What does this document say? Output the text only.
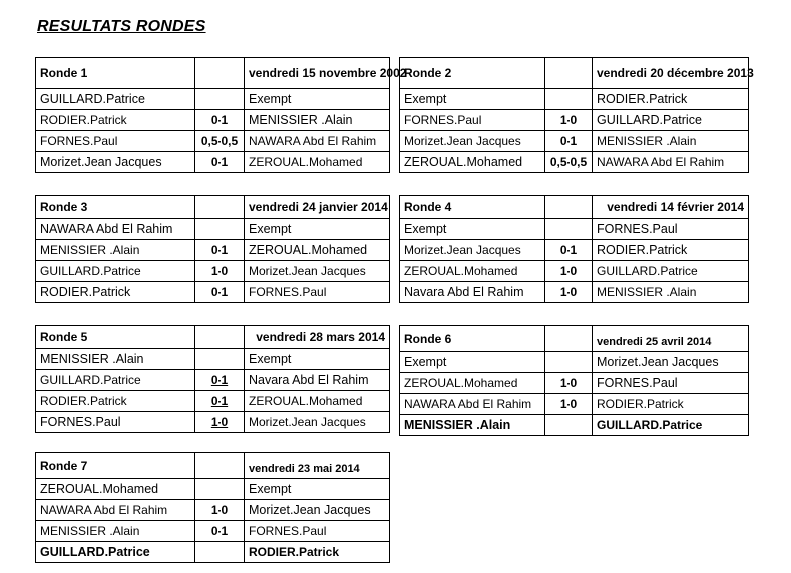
RESULTATS RONDES
Ronde 1		vendredi 15 novembre 2002
GUILLARD.Patrice		Exempt
RODIER.Patrick	0-1	MENISSIER .Alain
FORNES.Paul	0,5-0,5	NAWARA Abd El Rahim
Morizet.Jean Jacques	0-1	ZEROUAL.Mohamed
Ronde 2		vendredi 20 décembre 2013
Exempt		RODIER.Patrick
FORNES.Paul	1-0	GUILLARD.Patrice
Morizet.Jean Jacques	0-1	MENISSIER .Alain
ZEROUAL.Mohamed	0,5-0,5	NAWARA Abd El Rahim
Ronde 3		vendredi 24 janvier 2014
NAWARA Abd El Rahim		Exempt
MENISSIER .Alain	0-1	ZEROUAL.Mohamed
GUILLARD.Patrice	1-0	Morizet.Jean Jacques
RODIER.Patrick	0-1	FORNES.Paul
Ronde 4		vendredi 14 février 2014
Exempt		FORNES.Paul
Morizet.Jean Jacques	0-1	RODIER.Patrick
ZEROUAL.Mohamed	1-0	GUILLARD.Patrice
Navara Abd El Rahim	1-0	MENISSIER .Alain
Ronde 5		vendredi 28 mars 2014
MENISSIER .Alain		Exempt
GUILLARD.Patrice	0-1	Navara Abd El Rahim
RODIER.Patrick	0-1	ZEROUAL.Mohamed
FORNES.Paul	1-0	Morizet.Jean Jacques
Ronde 6		vendredi 25 avril 2014
Exempt		Morizet.Jean Jacques
ZEROUAL.Mohamed	1-0	FORNES.Paul
NAWARA Abd El Rahim	1-0	RODIER.Patrick
MENISSIER .Alain		GUILLARD.Patrice
Ronde 7		vendredi 23 mai 2014
ZEROUAL.Mohamed		Exempt
NAWARA Abd El Rahim	1-0	Morizet.Jean Jacques
MENISSIER .Alain	0-1	FORNES.Paul
GUILLARD.Patrice		RODIER.Patrick
